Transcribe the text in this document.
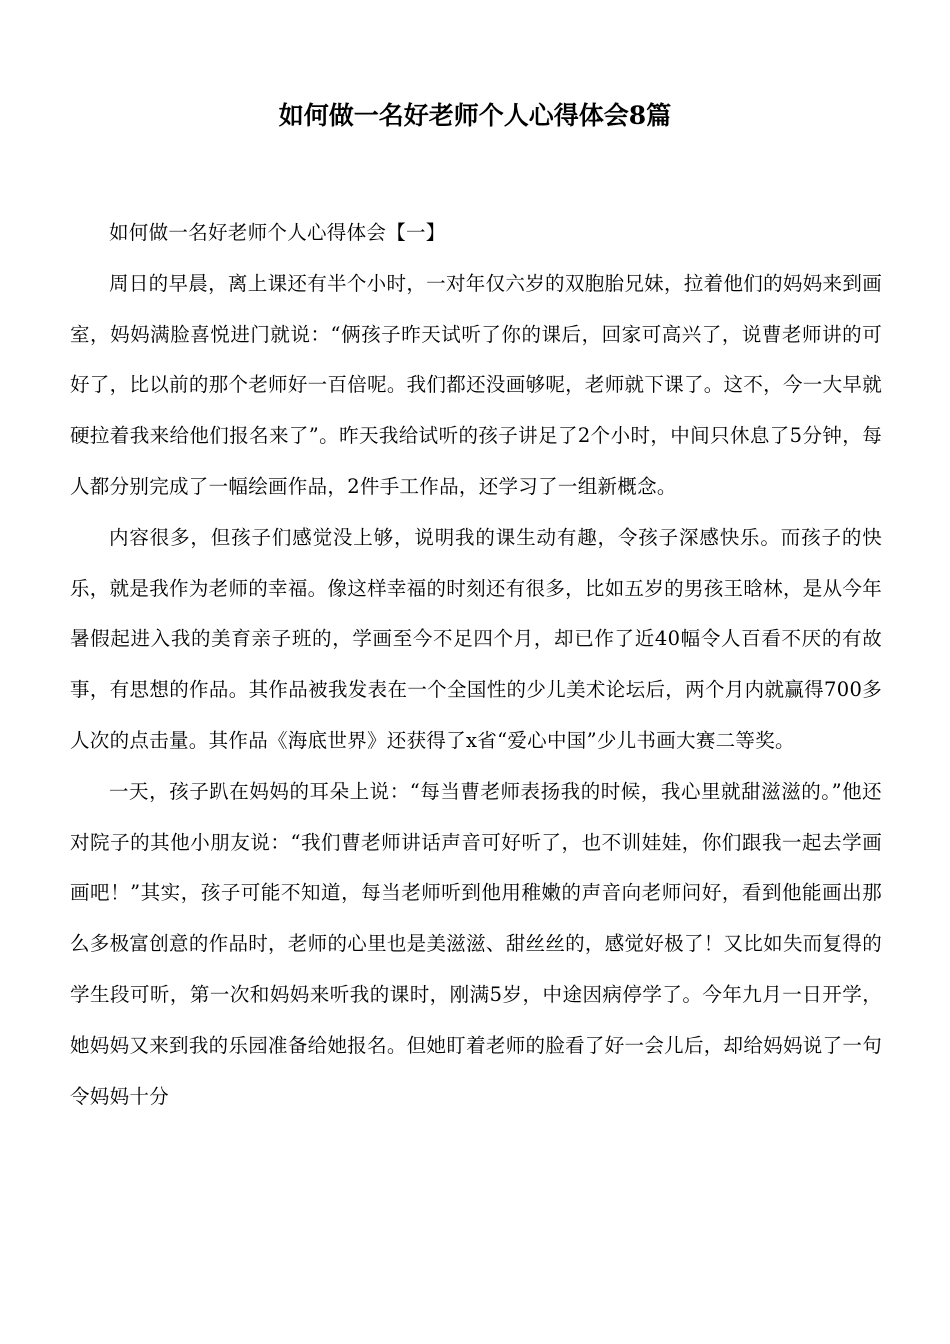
如何做一名好老师个人心得体会8篇

如何做一名好老师个人心得体会【一】

周日的早晨，离上课还有半个小时，一对年仅六岁的双胞胎兄妹，拉着他们的妈妈来到画室，妈妈满脸喜悦进门就说：“俩孩子昨天试听了你的课后，回家可高兴了，说曹老师讲的可好了，比以前的那个老师好一百倍呢。我们都还没画够呢，老师就下课了。这不，今一大早就硬拉着我来给他们报名来了”。昨天我给试听的孩子讲足了2个小时，中间只休息了5分钟，每人都分别完成了一幅绘画作品，2件手工作品，还学习了一组新概念。

内容很多，但孩子们感觉没上够，说明我的课生动有趣，令孩子深感快乐。而孩子的快乐，就是我作为老师的幸福。像这样幸福的时刻还有很多，比如五岁的男孩王晗林，是从今年暑假起进入我的美育亲子班的，学画至今不足四个月，却已作了近40幅令人百看不厌的有故事，有思想的作品。其作品被我发表在一个全国性的少儿美术论坛后，两个月内就赢得700多人次的点击量。其作品《海底世界》还获得了x省“爱心中国”少儿书画大赛二等奖。

一天，孩子趴在妈妈的耳朵上说：“每当曹老师表扬我的时候，我心里就甜滋滋的。”他还对院子的其他小朋友说：“我们曹老师讲话声音可好听了，也不训娃娃，你们跟我一起去学画画吧！”其实，孩子可能不知道，每当老师听到他用稚嫩的声音向老师问好，看到他能画出那么多极富创意的作品时，老师的心里也是美滋滋、甜丝丝的，感觉好极了！又比如失而复得的学生段可昕，第一次和妈妈来听我的课时，刚满5岁，中途因病停学了。今年九月一日开学，她妈妈又来到我的乐园准备给她报名。但她盯着老师的脸看了好一会儿后，却给妈妈说了一句令妈妈十分
